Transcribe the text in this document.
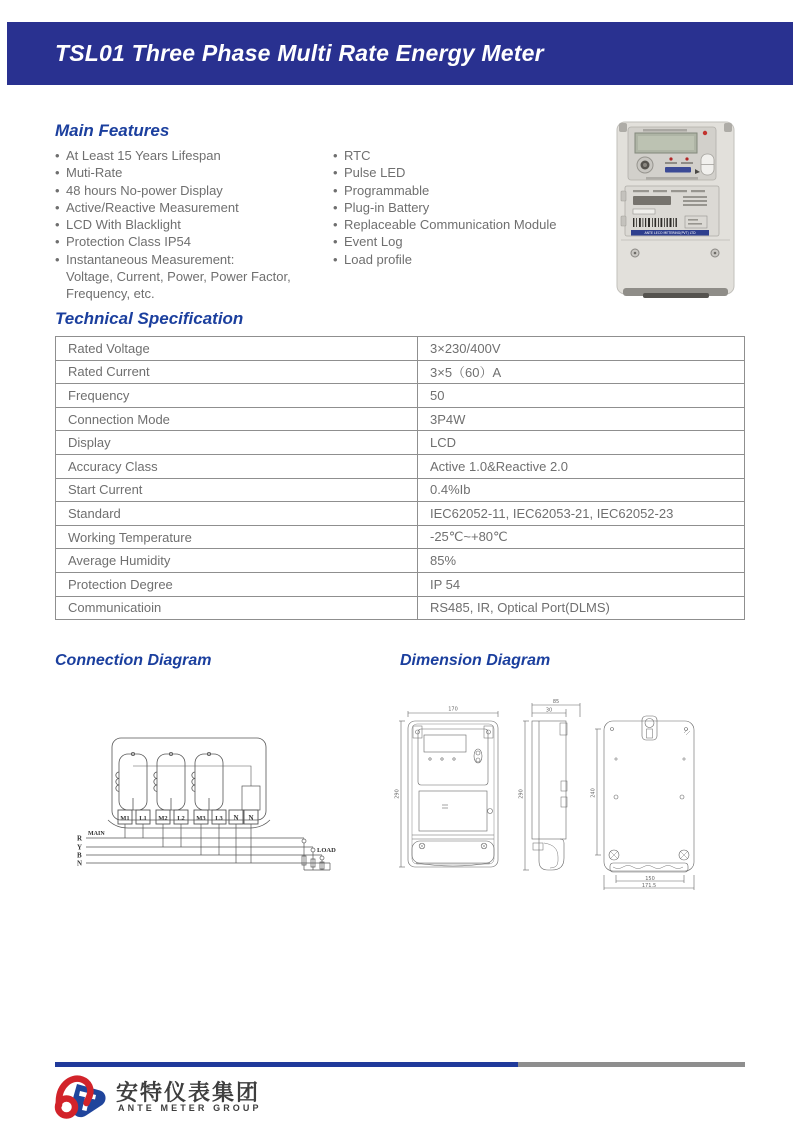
TSL01 Three Phase Multi Rate Energy Meter
Main Features
• At Least 15 Years Lifespan
• Muti-Rate
• 48 hours No-power Display
• Active/Reactive Measurement
• LCD With Blacklight
• Protection Class IP54
• Instantaneous Measurement:
Voltage, Current, Power, Power Factor,
Frequency, etc.
• RTC
• Pulse LED
• Programmable
• Plug-in Battery
• Replaceable Communication Module
• Event Log
• Load profile
ANTE LECO METERING(PVT) LTD
Technical Specification
Rated Voltage	3×230/400V
Rated Current	3×5（60）A
Frequency	50
Connection Mode	3P4W
Display	LCD
Accuracy Class	Active 1.0&Reactive 2.0
Start Current	0.4%Ib
Standard	IEC62052-11, IEC62053-21, IEC62052-23
Working Temperature	-25℃~+80℃
Average Humidity	85%
Protection Degree	IP 54
Communicatioin	RS485, IR, Optical Port(DLMS)
Connection Diagram	Dimension Diagram
M1 L1 M2 L2 M3 L3 N N
MAIN
R
Y
B
N
LOAD
170
290
85
30
290	240
150
171.5
安特仪表集团
ANTE METER GROUP
